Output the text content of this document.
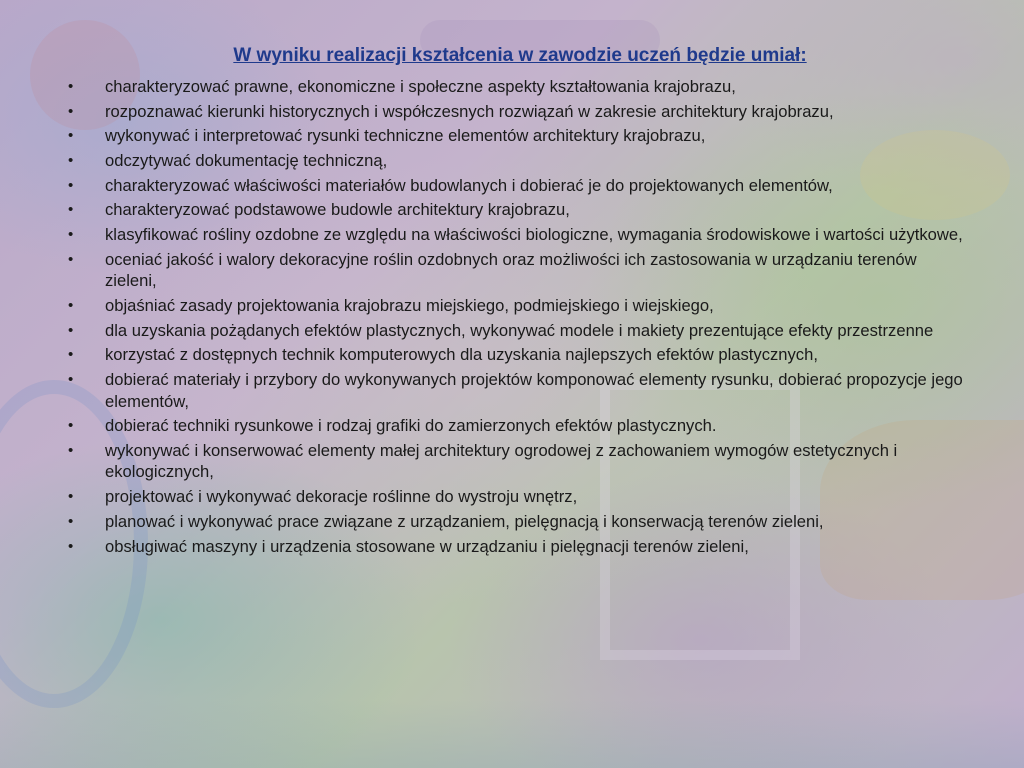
W wyniku realizacji kształcenia w zawodzie uczeń będzie umiał:
• charakteryzować prawne, ekonomiczne i społeczne aspekty kształtowania krajobrazu,
• rozpoznawać kierunki historycznych i współczesnych rozwiązań w zakresie architektury krajobrazu,
• wykonywać i interpretować rysunki techniczne elementów architektury krajobrazu,
• odczytywać dokumentację techniczną,
• charakteryzować właściwości materiałów budowlanych i dobierać je do projektowanych elementów,
• charakteryzować podstawowe budowle architektury krajobrazu,
• klasyfikować rośliny ozdobne ze względu na właściwości biologiczne, wymagania środowiskowe i wartości użytkowe,
• oceniać jakość i walory dekoracyjne roślin ozdobnych oraz możliwości ich zastosowania w urządzaniu terenów zieleni,
• objaśniać zasady projektowania krajobrazu miejskiego, podmiejskiego i wiejskiego,
• dla uzyskania pożądanych efektów plastycznych, wykonywać modele i makiety prezentujące efekty przestrzenne
• korzystać z dostępnych technik komputerowych dla uzyskania najlepszych efektów plastycznych,
• dobierać materiały i przybory do wykonywanych projektów komponować elementy rysunku, dobierać propozycje jego elementów,
• dobierać techniki rysunkowe i rodzaj grafiki do zamierzonych efektów plastycznych.
• wykonywać i konserwować elementy małej architektury ogrodowej z zachowaniem wymogów estetycznych i ekologicznych,
• projektować i wykonywać dekoracje roślinne do wystroju wnętrz,
• planować i wykonywać prace związane z urządzaniem, pielęgnacją i konserwacją terenów zieleni,
• obsługiwać maszyny i urządzenia stosowane w urządzaniu i pielęgnacji terenów zieleni,
